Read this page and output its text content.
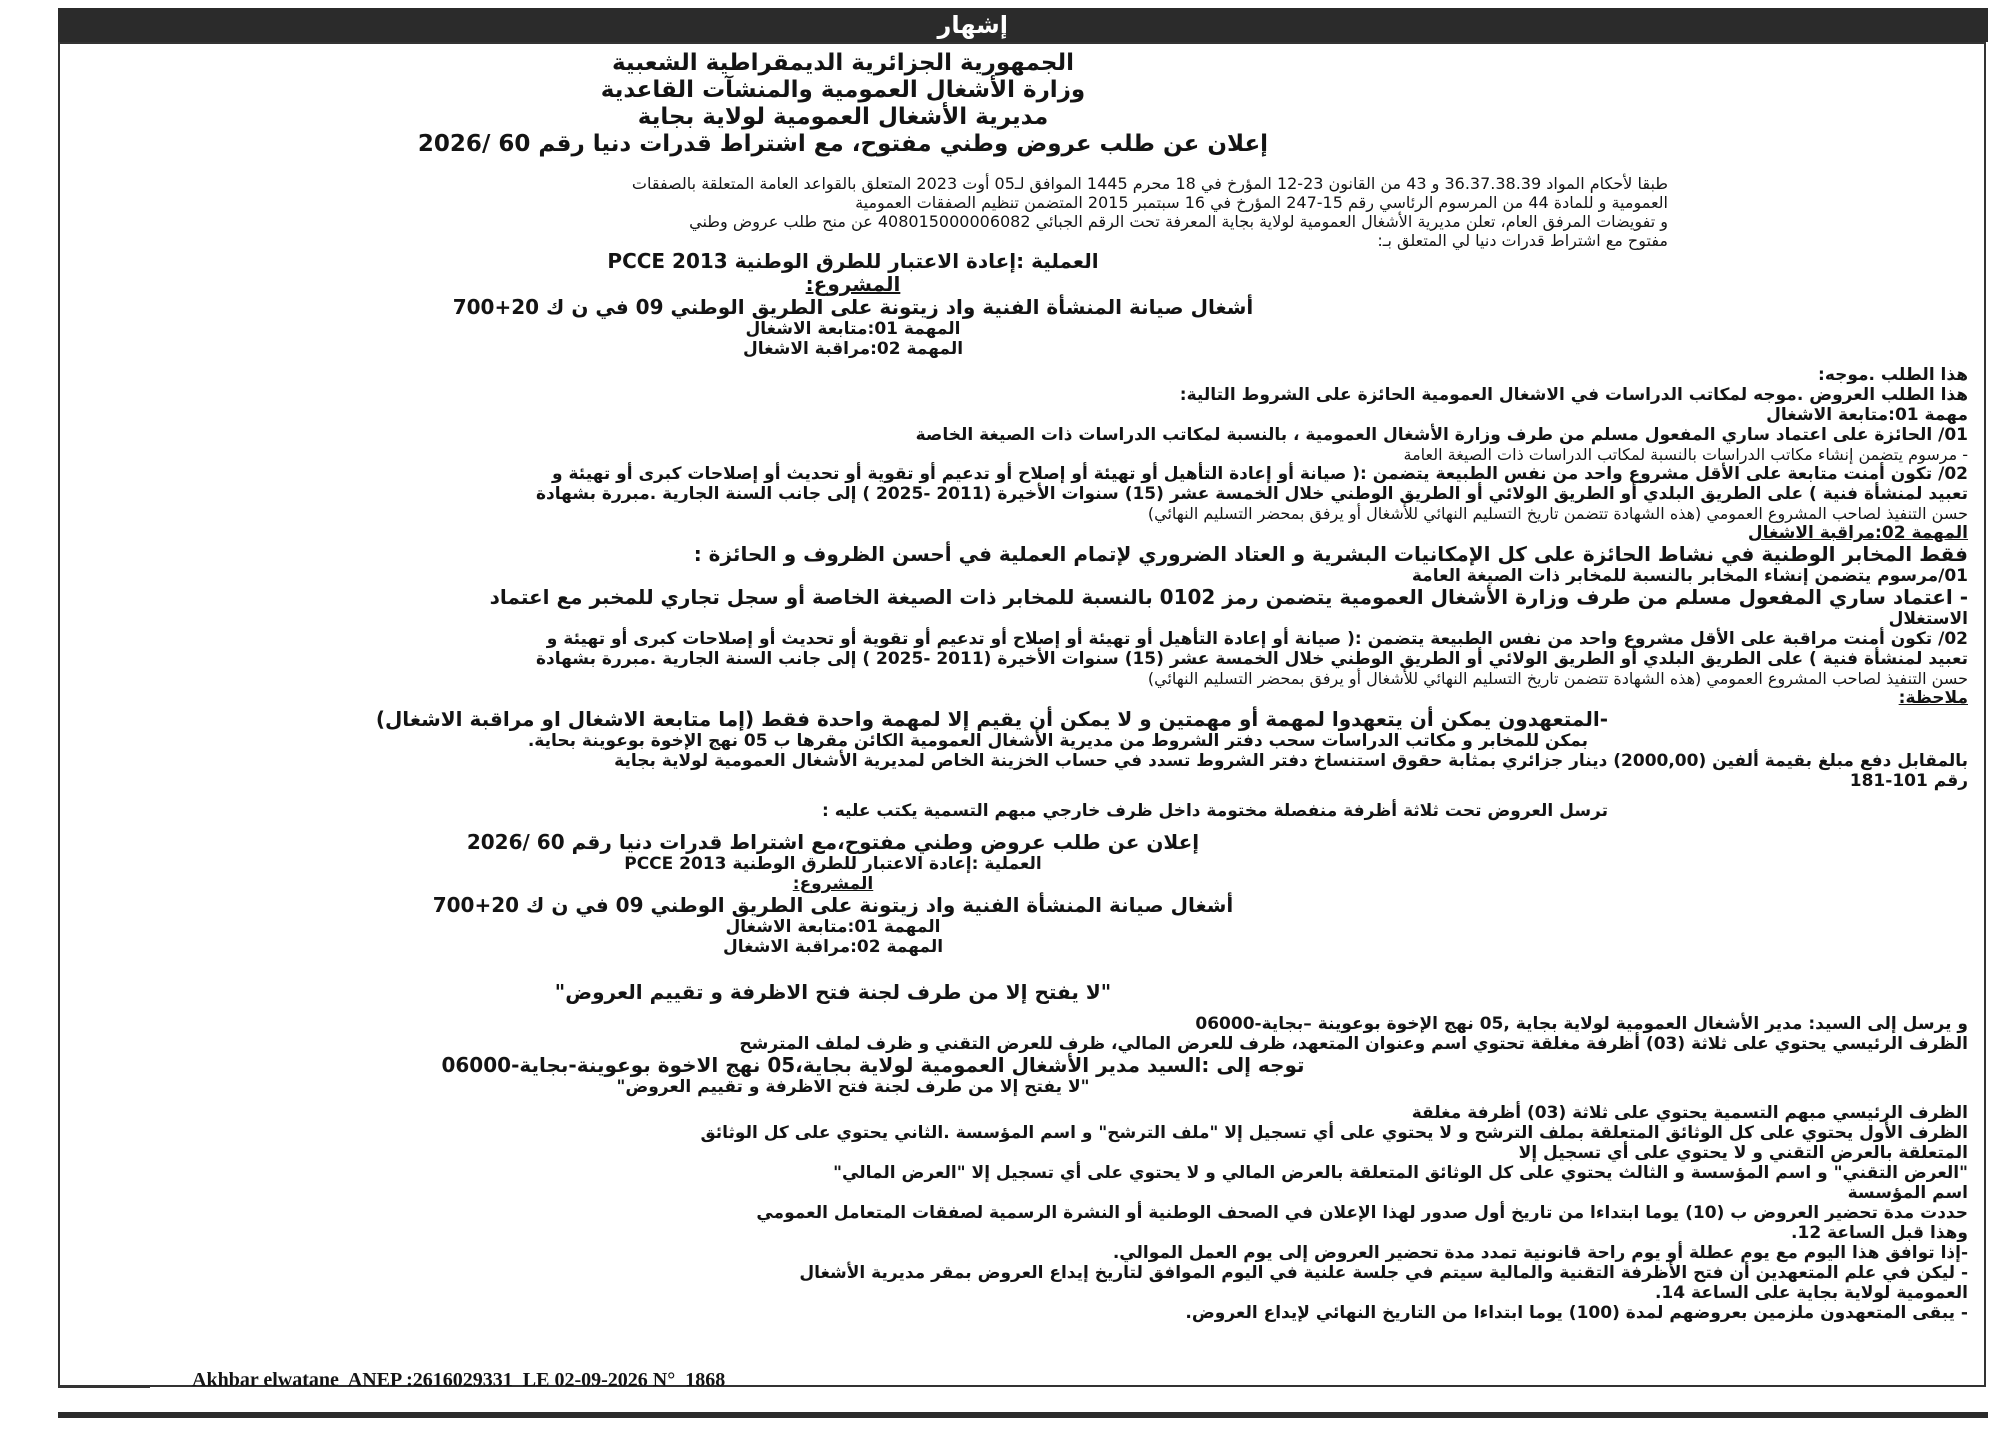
إشهار
الجمهورية الجزائرية الديمقراطية الشعبية
وزارة الأشغال العمومية والمنشآت القاعدية
مديرية الأشغال العمومية لولاية بجاية
إعلان عن طلب عروض وطني مفتوح، مع اشتراط قدرات دنيا رقم 60 /2026
طبقا لأحكام المواد 36.37.38.39 و 43 من القانون 23-12 المؤرخ في 18 محرم 1445 الموافق لـ05 أوت 2023 المتعلق بالقواعد العامة المتعلقة بالصفقات
العمومية و للمادة 44 من المرسوم الرئاسي رقم 15-247 المؤرخ في 16 سبتمبر 2015 المتضمن تنظيم الصفقات العمومية
و تفويضات المرفق العام، تعلن مديرية الأشغال العمومية لولاية بجاية المعرفة تحت الرقم الجبائي 408015000006082 عن منح طلب عروض وطني
مفتوح مع اشتراط قدرات دنيا لي المتعلق بـ:
العملية :إعادة الاعتبار للطرق الوطنية PCCE 2013
المشروع:
أشغال صيانة المنشأة الفنية واد زيتونة على الطريق الوطني 09 في ن ك 20+700
المهمة 01:متابعة الاشغال
المهمة 02:مراقبة الاشغال
هذا الطلب .موجه:
هذا الطلب العروض .موجه لمكاتب الدراسات في الاشغال العمومية الحائزة على الشروط التالية:
مهمة 01:متابعة الاشغال
01/ الحائزة على اعتماد ساري المفعول مسلم من طرف وزارة الأشغال العمومية ، بالنسبة لمكاتب الدراسات ذات الصيغة الخاصة
- مرسوم يتضمن إنشاء مكاتب الدراسات بالنسبة لمكاتب الدراسات ذات الصيغة العامة
02/ تكون أمنت متابعة على الأقل مشروع واحد من نفس الطبيعة يتضمن :( صيانة أو إعادة التأهيل أو تهيئة أو إصلاح أو تدعيم أو تقوية أو تحديث أو إصلاحات كبرى أو تهيئة و
تعبيد لمنشأة فنية ) على الطريق البلدي أو الطريق الولائي أو الطريق الوطني خلال الخمسة عشر (15) سنوات الأخيرة (2011 -2025 ) إلى جانب السنة الجارية .مبررة بشهادة
حسن التنفيذ لصاحب المشروع العمومي (هذه الشهادة تتضمن تاريخ التسليم النهائي للأشغال أو يرفق بمحضر التسليم النهائي)
المهمة 02:مراقبة الاشغال
فقط المخابر الوطنية في نشاط الحائزة على كل الإمكانيات البشرية و العتاد الضروري لإتمام العملية في أحسن الظروف و الحائزة :
01/مرسوم يتضمن إنشاء المخابر بالنسبة للمخابر ذات الصيغة العامة
- اعتماد ساري المفعول مسلم من طرف وزارة الأشغال العمومية يتضمن رمز 0102 بالنسبة للمخابر ذات الصيغة الخاصة أو سجل تجاري للمخبر مع اعتماد
الاستغلال
02/ تكون أمنت مراقبة على الأقل مشروع واحد من نفس الطبيعة يتضمن :( صيانة أو إعادة التأهيل أو تهيئة أو إصلاح أو تدعيم أو تقوية أو تحديث أو إصلاحات كبرى أو تهيئة و
تعبيد لمنشأة فنية ) على الطريق البلدي أو الطريق الولائي أو الطريق الوطني خلال الخمسة عشر (15) سنوات الأخيرة (2011 -2025 ) إلى جانب السنة الجارية .مبررة بشهادة
حسن التنفيذ لصاحب المشروع العمومي (هذه الشهادة تتضمن تاريخ التسليم النهائي للأشغال أو يرفق بمحضر التسليم النهائي)
ملاحظة:
-المتعهدون يمكن أن يتعهدوا لمهمة أو مهمتين و لا يمكن أن يقيم إلا لمهمة واحدة فقط (إما متابعة الاشغال او مراقبة الاشغال)
بمكن للمخابر و مكاتب الدراسات سحب دفتر الشروط من مديرية الأشغال العمومية الكائن مقرها ب 05 نهج الإخوة بوعوينة بحاية.
بالمقابل دفع مبلغ بقيمة ألفين (2000,00) دينار جزائري بمثابة حقوق استنساخ دفتر الشروط تسدد في حساب الخزينة الخاص لمديرية الأشغال العمومية لولاية بجاية
رقم 101-181
ترسل العروض تحت ثلاثة أظرفة منفصلة مختومة داخل ظرف خارجي مبهم التسمية يكتب عليه :
إعلان عن طلب عروض وطني مفتوح،مع اشتراط قدرات دنيا رقم 60 /2026
العملية :إعادة الاعتبار للطرق الوطنية PCCE 2013
المشروع:
أشغال صيانة المنشأة الفنية واد زيتونة على الطريق الوطني 09 في ن ك 20+700
المهمة 01:متابعة الاشغال
المهمة 02:مراقبة الاشغال
"لا يفتح إلا من طرف لجنة فتح الاظرفة و تقييم العروض"
و يرسل إلى السيد: مدير الأشغال العمومية لولاية بجاية ,05 نهج الإخوة بوعوينة –بجاية-06000
الظرف الرئيسي يحتوي على ثلاثة (03) أظرفة مغلقة تحتوي اسم وعنوان المتعهد، ظرف للعرض المالي، ظرف للعرض التقني و ظرف لملف المترشح
توجه إلى :السيد مدير الأشغال العمومية لولاية بجاية،05 نهج الاخوة بوعوينة-بجاية-06000
"لا يفتح إلا من طرف لجنة فتح الاظرفة و تقييم العروض"
الظرف الرئيسي مبهم التسمية يحتوي على ثلاثة (03) أظرفة مغلقة
الظرف الأول يحتوي على كل الوثائق المتعلقة بملف الترشح و لا يحتوي على أي تسجيل إلا "ملف الترشح" و اسم المؤسسة .الثاني يحتوي على كل الوثائق
المتعلقة بالعرض التقني و لا يحتوي على أي تسجيل إلا
"العرض التقني" و اسم المؤسسة و الثالث يحتوي على كل الوثائق المتعلقة بالعرض المالي و لا يحتوي على أي تسجيل إلا "العرض المالي"
اسم المؤسسة
حددت مدة تحضير العروض ب (10) يوما ابتداءا من تاريخ أول صدور لهذا الإعلان في الصحف الوطنية أو النشرة الرسمية لصفقات المتعامل العمومي
وهذا قبل الساعة 12.
-إذا توافق هذا اليوم مع يوم عطلة أو يوم راحة قانونية تمدد مدة تحضير العروض إلى يوم العمل الموالي.
- ليكن في علم المتعهدين أن فتح الأظرفة التقنية والمالية سيتم في جلسة علنية في اليوم الموافق لتاريخ إيداع العروض بمقر مديرية الأشغال
العمومية لولاية بجاية على الساعة 14.
- يبقى المتعهدون ملزمين بعروضهم لمدة (100) يوما ابتداءا من التاريخ النهائي لإيداع العروض.
Akhbar elwatane  ANEP :2616029331  LE 02-09-2026 N°  1868
